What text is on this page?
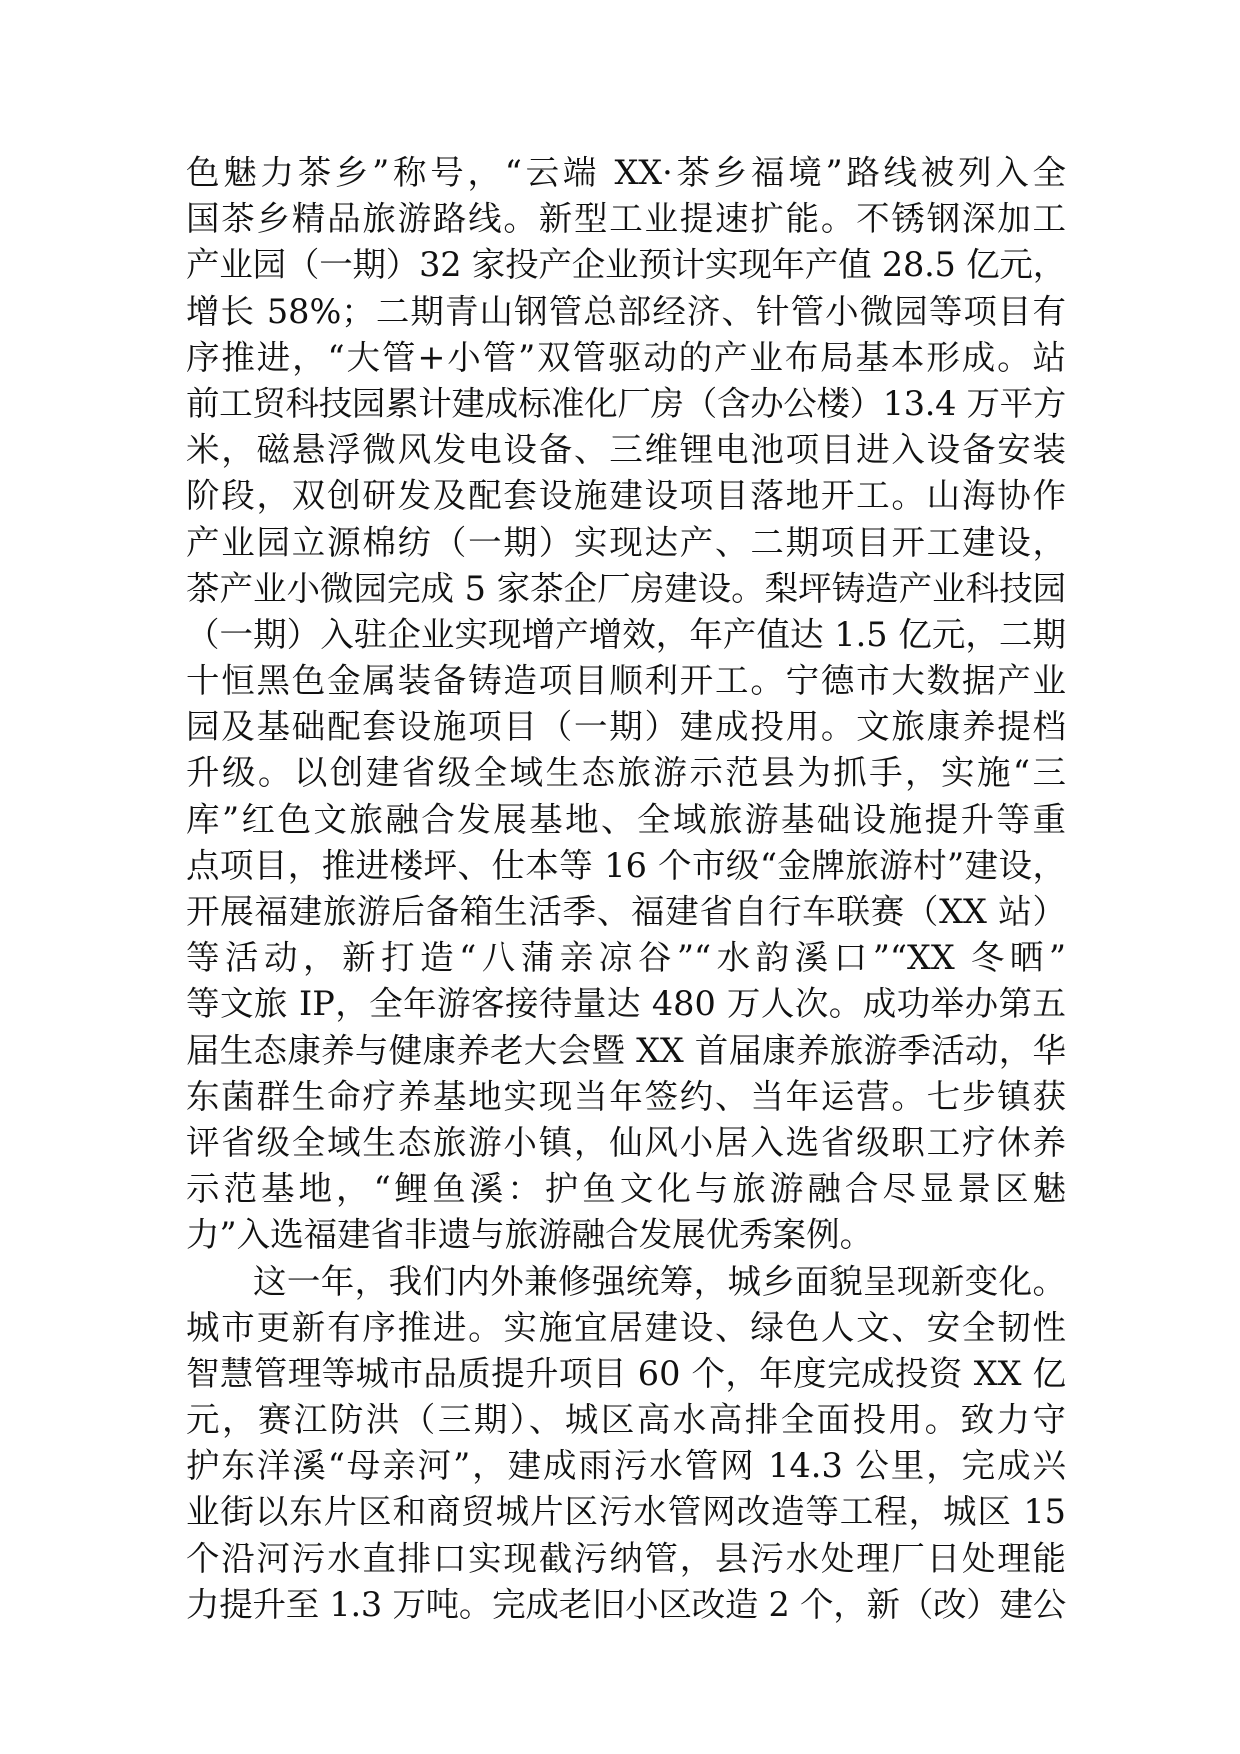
色魅力茶乡”称号，“云端 XX·茶乡福境”路线被列入全
国茶乡精品旅游路线。新型工业提速扩能。不锈钢深加工
产业园（一期）32 家投产企业预计实现年产值 28.5 亿元，
增长 58%；二期青山钢管总部经济、针管小微园等项目有
序推进，“大管+小管”双管驱动的产业布局基本形成。站
前工贸科技园累计建成标准化厂房（含办公楼）13.4 万平方
米，磁悬浮微风发电设备、三维锂电池项目进入设备安装
阶段，双创研发及配套设施建设项目落地开工。山海协作
产业园立源棉纺（一期）实现达产、二期项目开工建设，
茶产业小微园完成 5 家茶企厂房建设。梨坪铸造产业科技园
（一期）入驻企业实现增产增效，年产值达 1.5 亿元，二期
十恒黑色金属装备铸造项目顺利开工。宁德市大数据产业
园及基础配套设施项目（一期）建成投用。文旅康养提档
升级。以创建省级全域生态旅游示范县为抓手，实施“三
库”红色文旅融合发展基地、全域旅游基础设施提升等重
点项目，推进楼坪、仕本等 16 个市级“金牌旅游村”建设，
开展福建旅游后备箱生活季、福建省自行车联赛（XX 站）
等活动，新打造“八蒲亲凉谷”“水韵溪口”“XX 冬晒”
等文旅 IP，全年游客接待量达 480 万人次。成功举办第五
届生态康养与健康养老大会暨 XX 首届康养旅游季活动，华
东菌群生命疗养基地实现当年签约、当年运营。七步镇获
评省级全域生态旅游小镇，仙风小居入选省级职工疗休养
示范基地，“鲤鱼溪：护鱼文化与旅游融合尽显景区魅
力”入选福建省非遗与旅游融合发展优秀案例。
这一年，我们内外兼修强统筹，城乡面貌呈现新变化。
城市更新有序推进。实施宜居建设、绿色人文、安全韧性
智慧管理等城市品质提升项目 60 个，年度完成投资 XX 亿
元，赛江防洪（三期）、城区高水高排全面投用。致力守
护东洋溪“母亲河”，建成雨污水管网 14.3 公里，完成兴
业街以东片区和商贸城片区污水管网改造等工程，城区 15
个沿河污水直排口实现截污纳管，县污水处理厂日处理能
力提升至 1.3 万吨。完成老旧小区改造 2 个，新（改）建公
